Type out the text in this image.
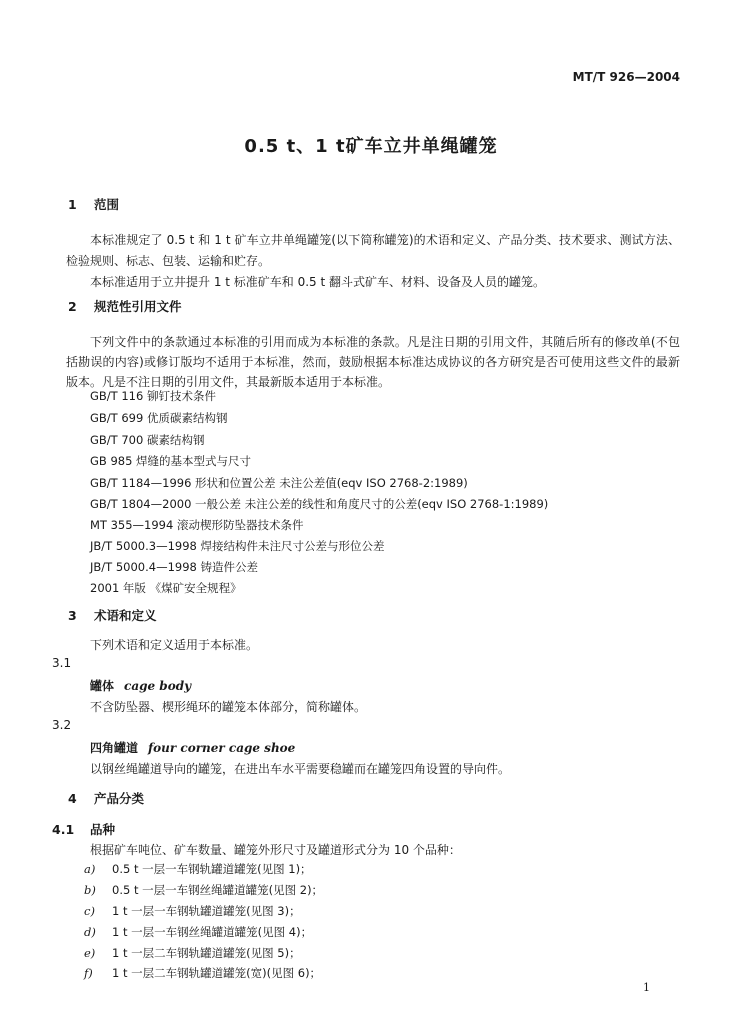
MT/T 926—2004
0.5 t、1 t矿车立井单绳罐笼
1 范围
本标准规定了 0.5 t 和 1 t 矿车立井单绳罐笼(以下简称罐笼)的术语和定义、产品分类、技术要求、测试方法、检验规则、标志、包装、运输和贮存。
本标准适用于立井提升 1 t 标准矿车和 0.5 t 翻斗式矿车、材料、设备及人员的罐笼。
2 规范性引用文件
下列文件中的条款通过本标准的引用而成为本标准的条款。凡是注日期的引用文件，其随后所有的修改单(不包括勘误的内容)或修订版均不适用于本标准，然而，鼓励根据本标准达成协议的各方研究是否可使用这些文件的最新版本。凡是不注日期的引用文件，其最新版本适用于本标准。
GB/T 116 铆钉技术条件
GB/T 699 优质碳素结构钢
GB/T 700 碳素结构钢
GB 985 焊缝的基本型式与尺寸
GB/T 1184—1996 形状和位置公差 未注公差值(eqv ISO 2768-2:1989)
GB/T 1804—2000 一般公差 未注公差的线性和角度尺寸的公差(eqv ISO 2768-1:1989)
MT 355—1994 滚动楔形防坠器技术条件
JB/T 5000.3—1998 焊接结构件未注尺寸公差与形位公差
JB/T 5000.4—1998 铸造件公差
2001 年版 《煤矿安全规程》
3 术语和定义
下列术语和定义适用于本标准。
3.1
罐体 cage body
不含防坠器、楔形绳环的罐笼本体部分，简称罐体。
3.2
四角罐道 four corner cage shoe
以钢丝绳罐道导向的罐笼，在进出车水平需要稳罐而在罐笼四角设置的导向件。
4 产品分类
4.1 品种
根据矿车吨位、矿车数量、罐笼外形尺寸及罐道形式分为 10 个品种：
a) 0.5 t 一层一车钢轨罐道罐笼(见图 1)；
b) 0.5 t 一层一车钢丝绳罐道罐笼(见图 2)；
c) 1 t 一层一车钢轨罐道罐笼(见图 3)；
d) 1 t 一层一车钢丝绳罐道罐笼(见图 4)；
e) 1 t 一层二车钢轨罐道罐笼(见图 5)；
f) 1 t 一层二车钢轨罐道罐笼(宽)(见图 6)；
1
